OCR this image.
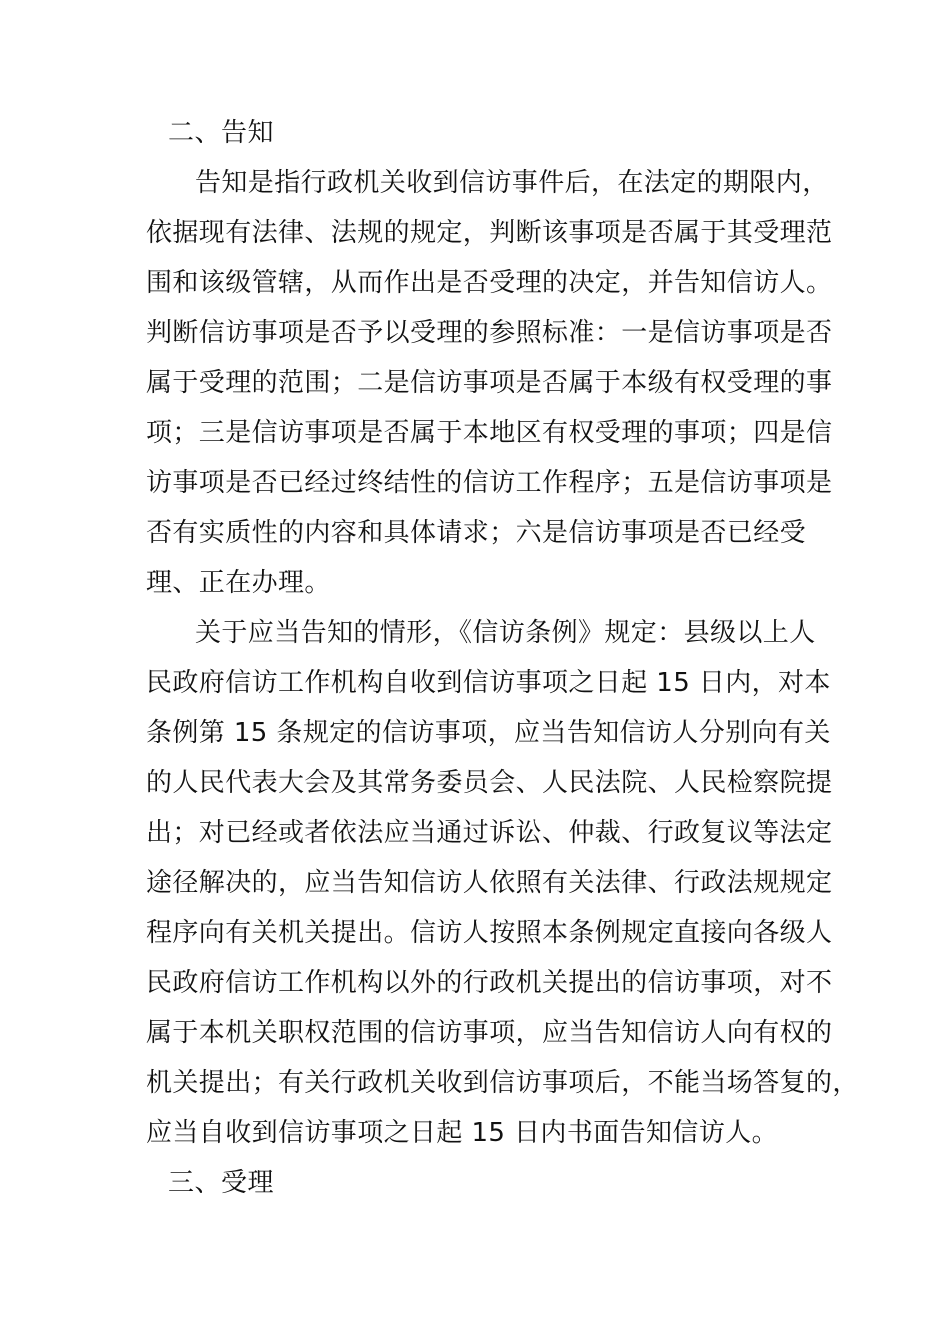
二、告知
告知是指行政机关收到信访事件后，在法定的期限内，
依据现有法律、法规的规定，判断该事项是否属于其受理范
围和该级管辖，从而作出是否受理的决定，并告知信访人。
判断信访事项是否予以受理的参照标准：一是信访事项是否
属于受理的范围；二是信访事项是否属于本级有权受理的事
项；三是信访事项是否属于本地区有权受理的事项；四是信
访事项是否已经过终结性的信访工作程序；五是信访事项是
否有实质性的内容和具体请求；六是信访事项是否已经受
理、正在办理。
关于应当告知的情形，《信访条例》规定：县级以上人
民政府信访工作机构自收到信访事项之日起 15 日内，对本
条例第 15 条规定的信访事项，应当告知信访人分别向有关
的人民代表大会及其常务委员会、人民法院、人民检察院提
出；对已经或者依法应当通过诉讼、仲裁、行政复议等法定
途径解决的，应当告知信访人依照有关法律、行政法规规定
程序向有关机关提出。信访人按照本条例规定直接向各级人
民政府信访工作机构以外的行政机关提出的信访事项，对不
属于本机关职权范围的信访事项，应当告知信访人向有权的
机关提出；有关行政机关收到信访事项后，不能当场答复的，
应当自收到信访事项之日起 15 日内书面告知信访人。
三、受理
